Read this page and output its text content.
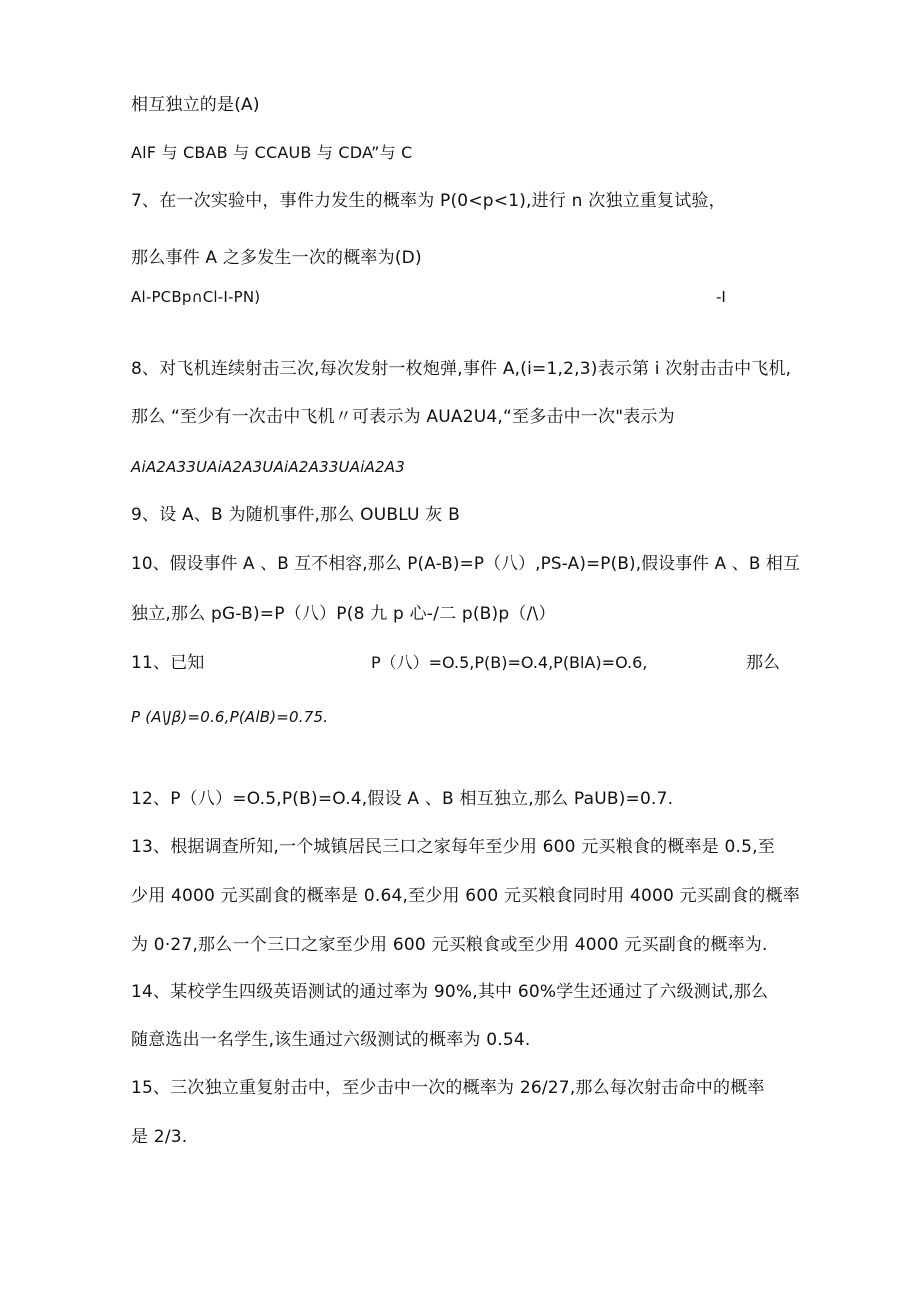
相互独立的是(A)
AlF 与 CBAB 与 CCAUB 与 CDA”与 C
7、在一次实验中，事件力发生的概率为 P(0<p<1),进行 n 次独立重复试验，
那么事件 A 之多发生一次的概率为(D)
Al-PCBp∩Cl-I-PN)	-I
8、对飞机连续射击三次,每次发射一枚炮弹,事件 A,(i=1,2,3)表示第 i 次射击击中飞机,
那么 “至少有一次击中飞机〃可表示为 AUA2U4,“至多击中一次"表示为
AiA2A33UAiA2A3UAiA2A33UAiA2A3
9、设 A、B 为随机事件,那么 OUBLU 灰 B
10、假设事件 A 、B 互不相容,那么 P(A-B)=P（八）,PS-A)=P(B),假设事件 A 、B 相互
独立,那么 pG-B)=P（八）P(8 九 p 心-/二 p(B)p（/\）
11、已知	P（八）=O.5,P(B)=O.4,P(BlA)=O.6,	那么
P (A\Jβ)=0.6,P(AlB)=0.75.
12、P（八）=O.5,P(B)=O.4,假设 A 、B 相互独立,那么 PaUB)=0.7.
13、根据调查所知,一个城镇居民三口之家每年至少用 600 元买粮食的概率是 0.5,至
少用 4000 元买副食的概率是 0.64,至少用 600 元买粮食同时用 4000 元买副食的概率
为 0·27,那么一个三口之家至少用 600 元买粮食或至少用 4000 元买副食的概率为.
14、某校学生四级英语测试的通过率为 90%,其中 60%学生还通过了六级测试,那么
随意选出一名学生,该生通过六级测试的概率为 0.54.
15、三次独立重复射击中，至少击中一次的概率为 26/27,那么每次射击命中的概率
是 2/3.
